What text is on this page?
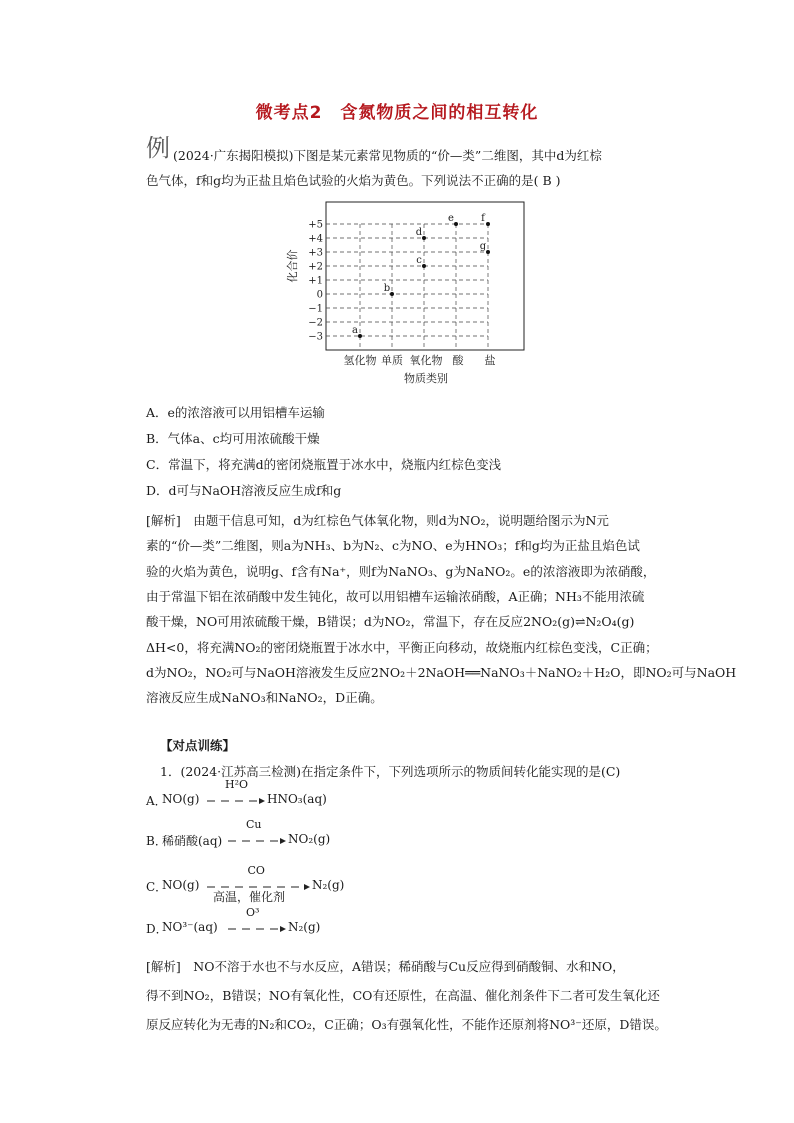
微考点2　含氮物质之间的相互转化
例 (2024·广东揭阳模拟)下图是某元素常见物质的“价—类”二维图，其中d为红棕
色气体，f和g均为正盐且焰色试验的火焰为黄色。下列说法不正确的是( B )
+5
+4
+3
+2
+1
0
−1
−2
−3
氢化物 单质 氧化物 酸 盐
化合价
物质类别
a
b
c
d
e	f
g
A．e的浓溶液可以用铝槽车运输
B．气体a、c均可用浓硫酸干燥
C．常温下，将充满d的密闭烧瓶置于冰水中，烧瓶内红棕色变浅
D．d可与NaOH溶液反应生成f和g
[解析]　由题干信息可知，d为红棕色气体氧化物，则d为NO₂，说明题给图示为N元
素的“价—类”二维图，则a为NH₃、b为N₂、c为NO、e为HNO₃；f和g均为正盐且焰色试
验的火焰为黄色，说明g、f含有Na⁺，则f为NaNO₃、g为NaNO₂。e的浓溶液即为浓硝酸，
由于常温下铝在浓硝酸中发生钝化，故可以用铝槽车运输浓硝酸，A正确；NH₃不能用浓硫
酸干燥，NO可用浓硫酸干燥，B错误；d为NO₂，常温下，存在反应2NO₂(g)⇌N₂O₄(g)
ΔH<0，将充满NO₂的密闭烧瓶置于冰水中，平衡正向移动，故烧瓶内红棕色变浅，C正确；
d为NO₂，NO₂可与NaOH溶液发生反应2NO₂＋2NaOH══NaNO₃＋NaNO₂＋H₂O，即NO₂可与NaOH
溶液反应生成NaNO₃和NaNO₂，D正确。
【对点训练】
1．(2024·江苏高三检测)在指定条件下，下列选项所示的物质间转化能实现的是(C)
A．
NO(g) →
H²O
HNO₃(aq)
B．
稀硝酸(aq) →
Cu
NO₂(g)
C．
NO(g)
CO
高温，催化剂
N₂(g)
D．
NO³⁻(aq) →
O³
N₂(g)
[解析]　NO不溶于水也不与水反应，A错误；稀硝酸与Cu反应得到硝酸铜、水和NO，
得不到NO₂，B错误；NO有氧化性，CO有还原性，在高温、催化剂条件下二者可发生氧化还
原反应转化为无毒的N₂和CO₂，C正确；O₃有强氧化性，不能作还原剂将NO³⁻还原，D错误。
